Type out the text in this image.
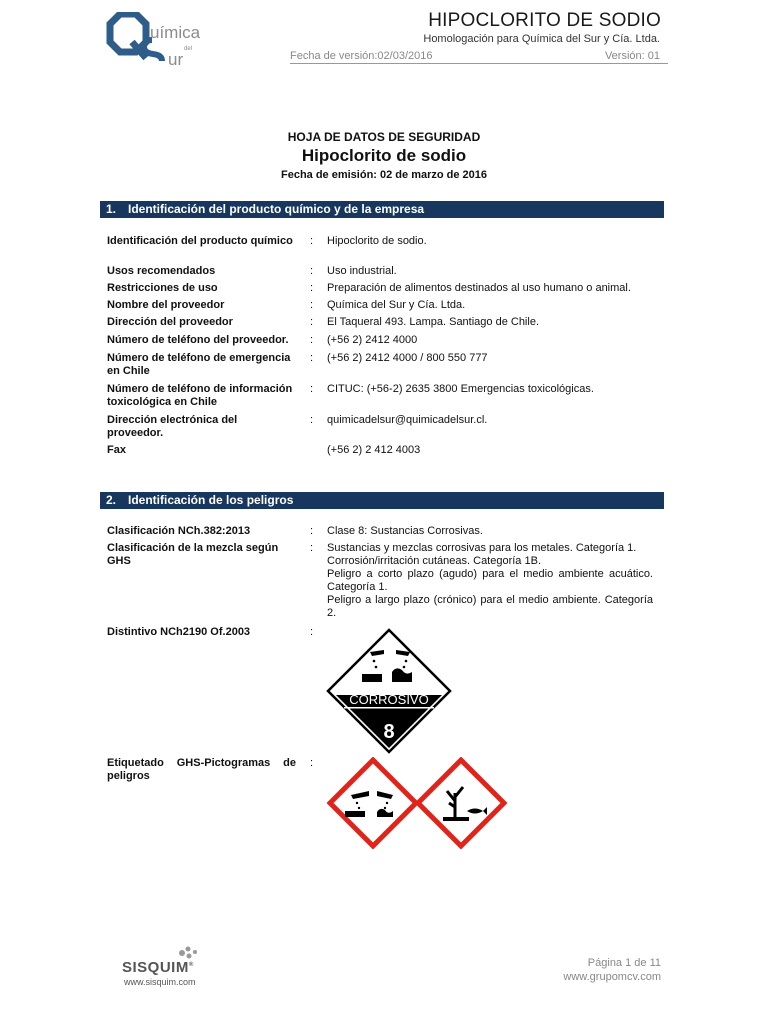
uímica
del
ur
HIPOCLORITO DE SODIO
Homologación para Química del Sur y Cía. Ltda.
Fecha de versión:02/03/2016	Versión: 01
HOJA DE DATOS DE SEGURIDAD
Hipoclorito de sodio
Fecha de emisión: 02 de marzo de 2016
1. Identificación del producto químico y de la empresa
Identificación del producto químico : Hipoclorito de sodio.
Usos recomendados	: Uso industrial.
Restricciones de uso	: Preparación de alimentos destinados al uso humano o animal.
Nombre del proveedor	: Química del Sur y Cía. Ltda.
Dirección del proveedor	: El Taqueral 493. Lampa. Santiago de Chile.
Número de teléfono del proveedor.	: (+56 2) 2412 4000
Número de teléfono de emergencia en Chile
: (+56 2) 2412 4000 / 800 550 777
Número de teléfono de información toxicológica en Chile
: CITUC: (+56-2) 2635 3800 Emergencias toxicológicas.
Dirección electrónica del proveedor.
: quimicadelsur@quimicadelsur.cl.
Fax	(+56 2) 2 412 4003
2. Identificación de los peligros
Clasificación NCh.382:2013	: Clase 8: Sustancias Corrosivas.
Clasificación de la mezcla según GHS
: Sustancias y mezclas corrosivas para los metales. Categoría 1.
Corrosión/irritación cutáneas. Categoría 1B.
Peligro a corto plazo (agudo) para el medio ambiente acuático. Categoría 1.
Peligro a largo plazo (crónico) para el medio ambiente. Categoría 2.
Distintivo NCh2190 Of.2003	:
CORROSIVO
8
Etiquetado GHS-Pictogramas de peligros
:
SISQUIM®
www.sisquim.com
Página 1 de 11
www.grupomcv.com
